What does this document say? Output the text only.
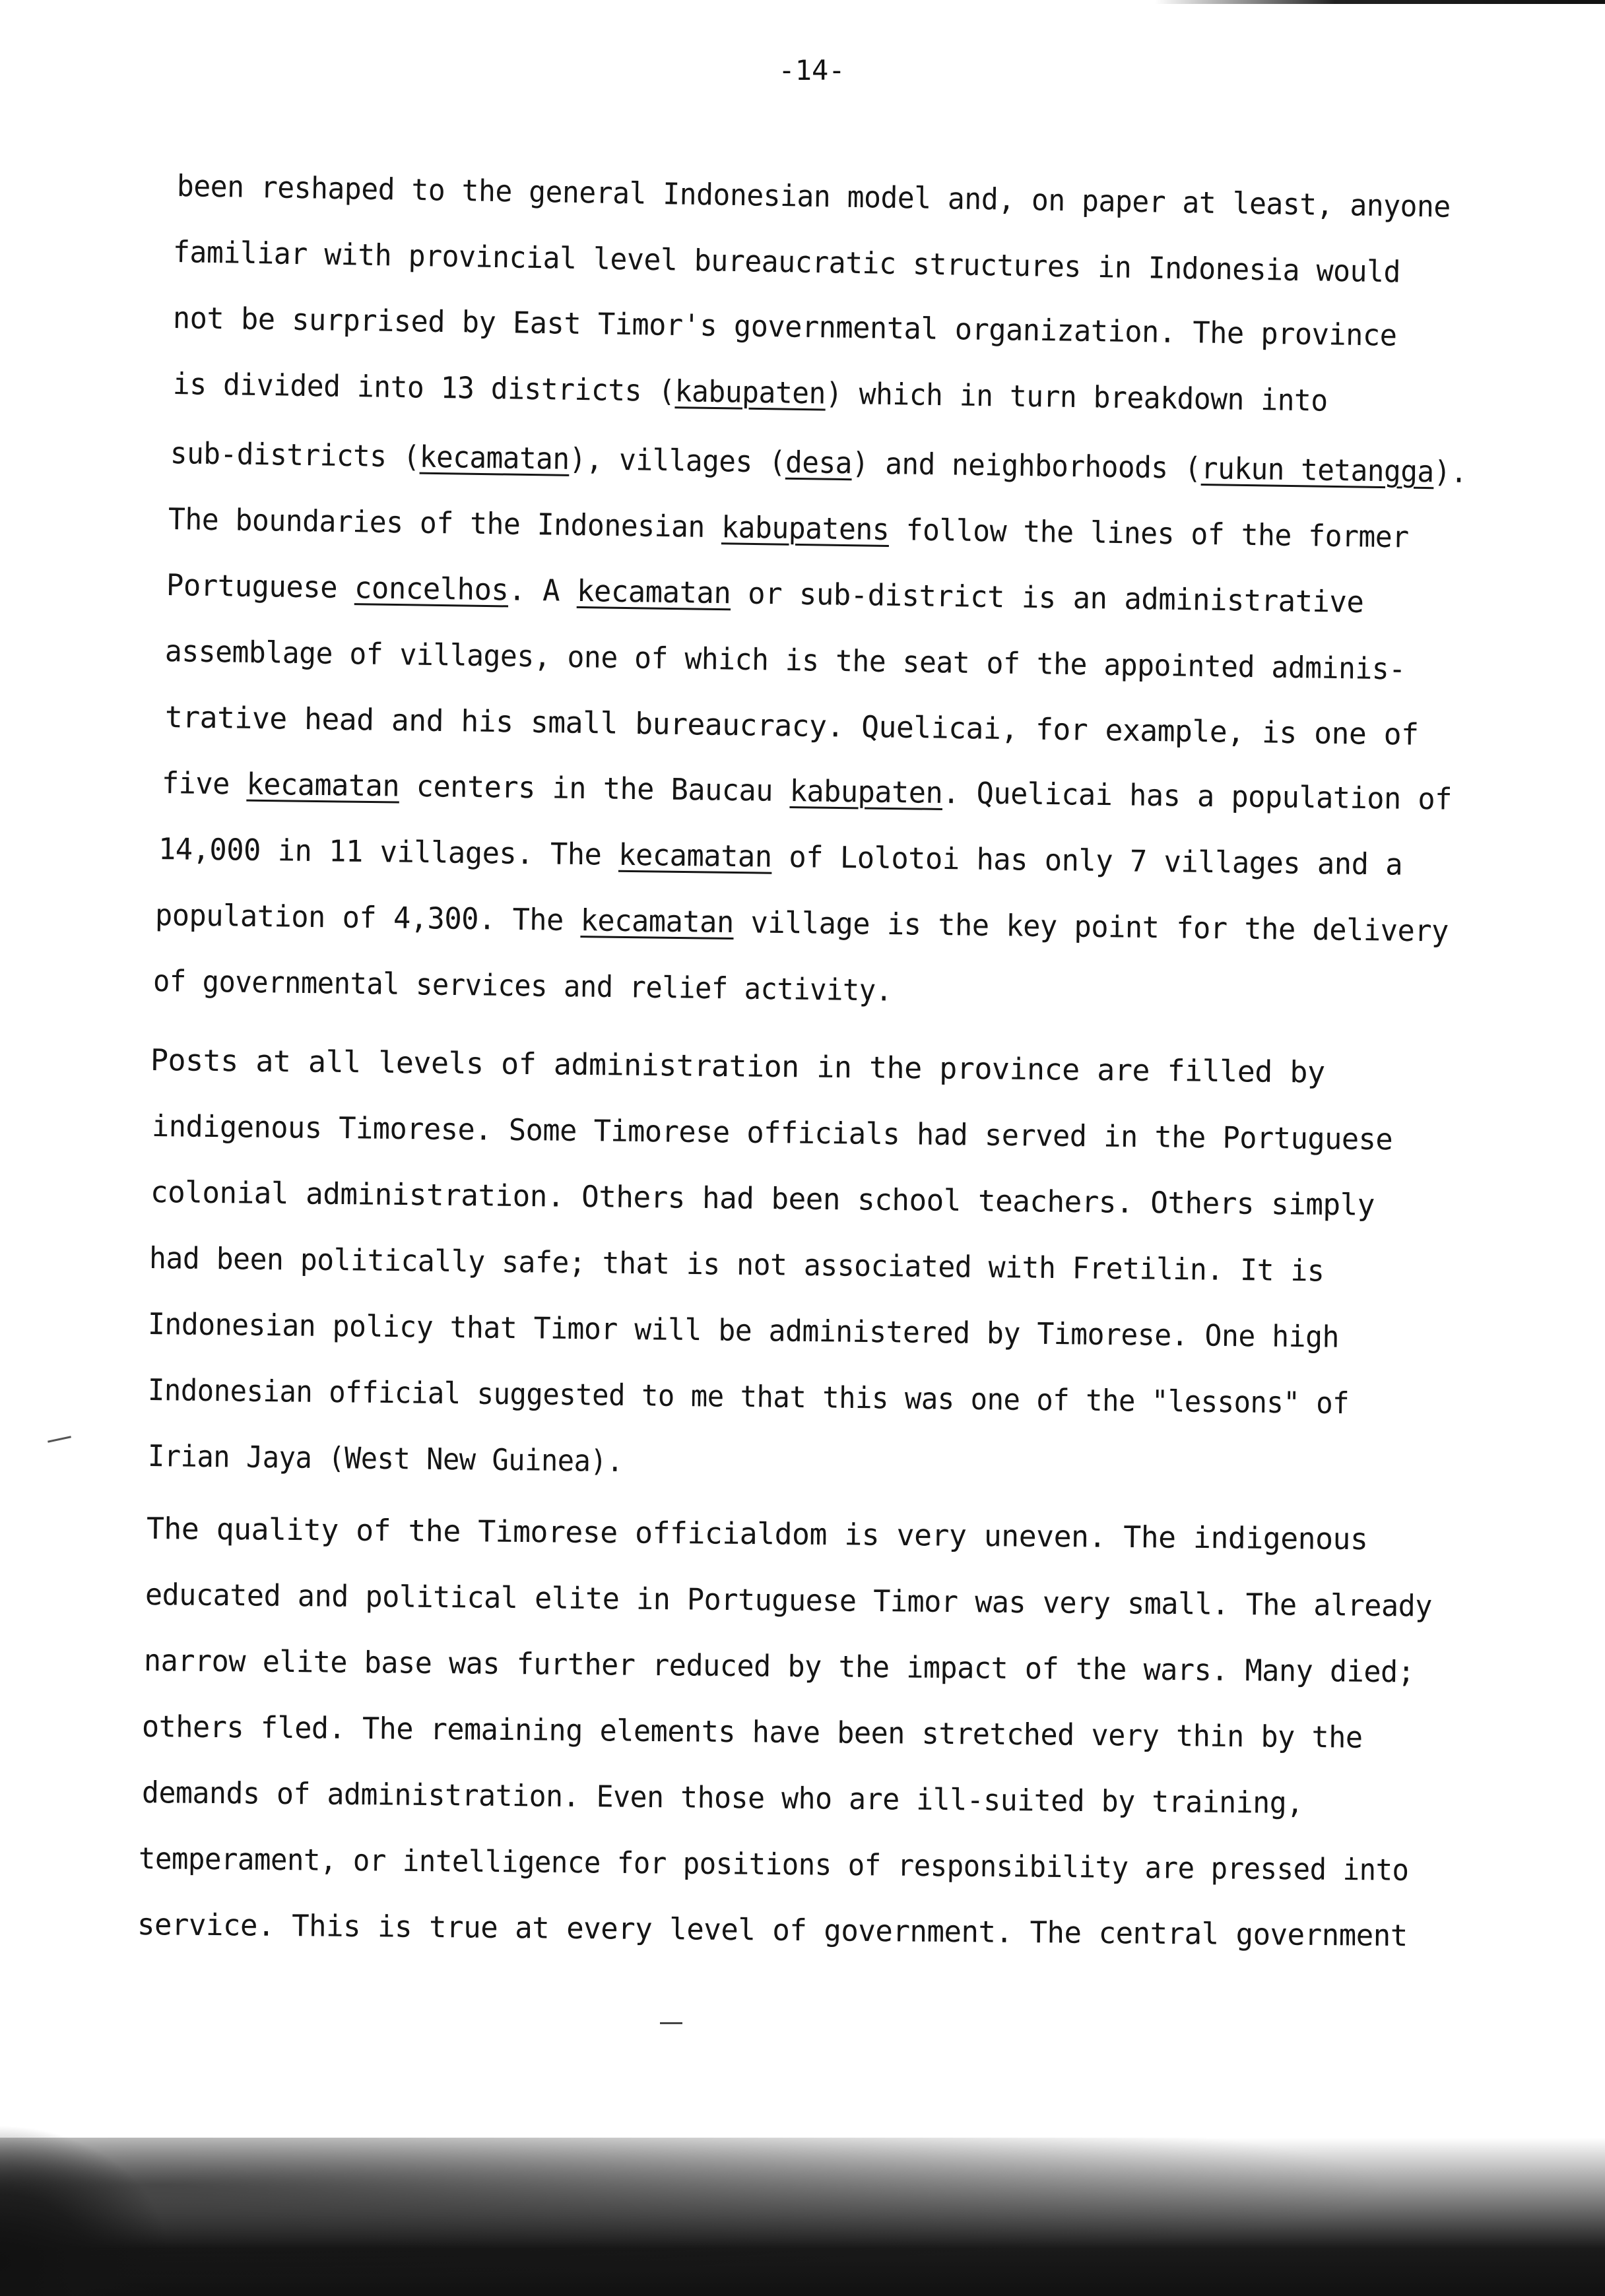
-14-
been reshaped to the general Indonesian model and, on paper at least, anyone
familiar with provincial level bureaucratic structures in Indonesia would
not be surprised by East Timor's governmental organization. The province
is divided into 13 districts (kabupaten) which in turn breakdown into
sub-districts (kecamatan), villages (desa) and neighborhoods (rukun tetangga).
The boundaries of the Indonesian kabupatens follow the lines of the former
Portuguese concelhos. A kecamatan or sub-district is an administrative
assemblage of villages, one of which is the seat of the appointed adminis-
trative head and his small bureaucracy. Quelicai, for example, is one of
five kecamatan centers in the Baucau kabupaten. Quelicai has a population of
14,000 in 11 villages. The kecamatan of Lolotoi has only 7 villages and a
population of 4,300. The kecamatan village is the key point for the delivery
of governmental services and relief activity.
Posts at all levels of administration in the province are filled by
indigenous Timorese. Some Timorese officials had served in the Portuguese
colonial administration. Others had been school teachers. Others simply
had been politically safe; that is not associated with Fretilin. It is
Indonesian policy that Timor will be administered by Timorese. One high
Indonesian official suggested to me that this was one of the "lessons" of
Irian Jaya (West New Guinea).
The quality of the Timorese officialdom is very uneven. The indigenous
educated and political elite in Portuguese Timor was very small. The already
narrow elite base was further reduced by the impact of the wars. Many died;
others fled. The remaining elements have been stretched very thin by the
demands of administration. Even those who are ill-suited by training,
temperament, or intelligence for positions of responsibility are pressed into
service. This is true at every level of government. The central government
